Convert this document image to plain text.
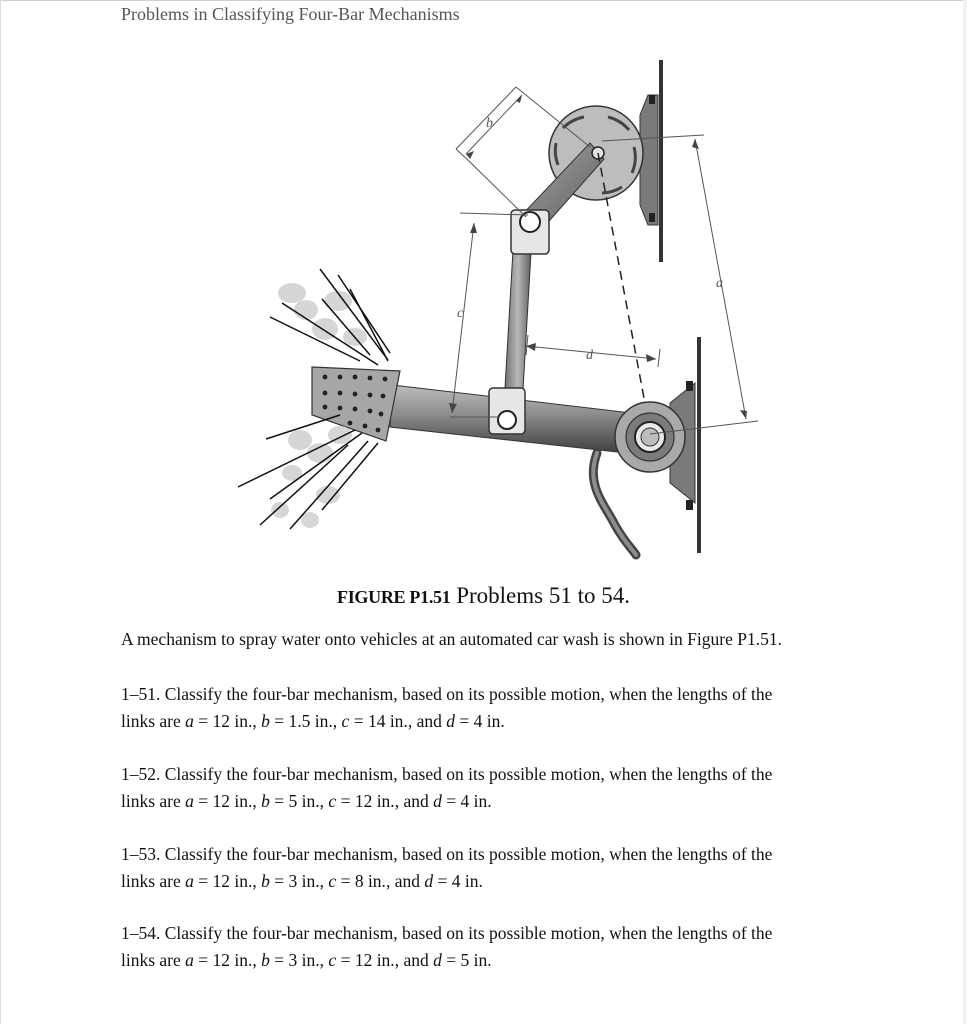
Problems in Classifying Four-Bar Mechanisms
b
a
c
d
FIGURE P1.51 Problems 51 to 54.
A mechanism to spray water onto vehicles at an automated car wash is shown in Figure P1.51.
1–51. Classify the four-bar mechanism, based on its possible motion, when the lengths of the
links are a = 12 in., b = 1.5 in., c = 14 in., and d = 4 in.
1–52. Classify the four-bar mechanism, based on its possible motion, when the lengths of the
links are a = 12 in., b = 5 in., c = 12 in., and d = 4 in.
1–53. Classify the four-bar mechanism, based on its possible motion, when the lengths of the
links are a = 12 in., b = 3 in., c = 8 in., and d = 4 in.
1–54. Classify the four-bar mechanism, based on its possible motion, when the lengths of the
links are a = 12 in., b = 3 in., c = 12 in., and d = 5 in.
